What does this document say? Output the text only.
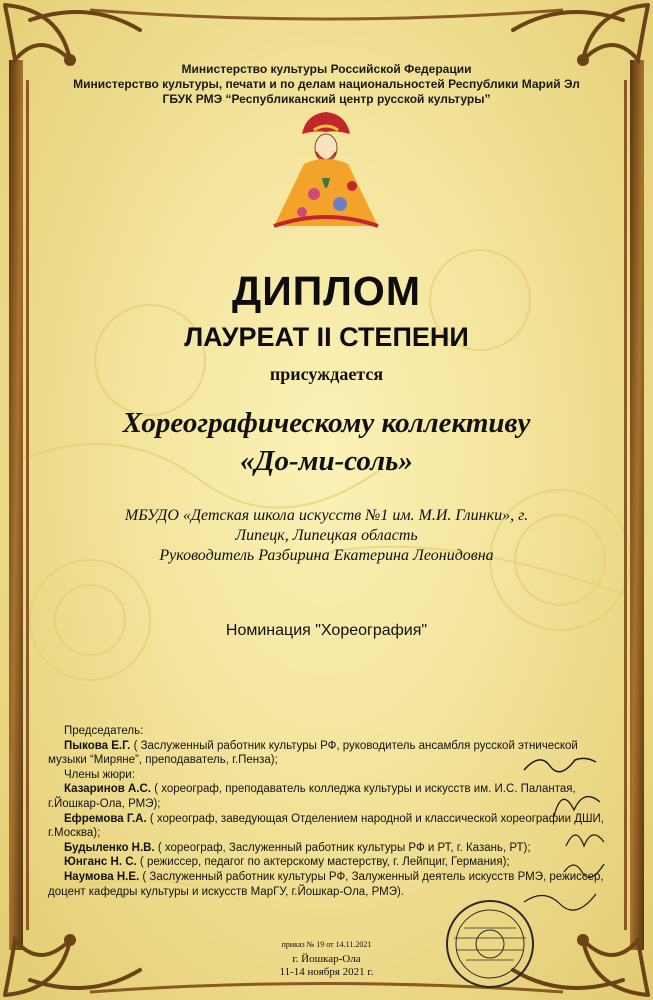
Министерство культуры Российской Федерации
Министерство культуры, печати и по делам национальностей Республики Марий Эл
ГБУК РМЭ “Республиканский центр русской культуры”
ДИПЛОМ
ЛАУРЕАТ II СТЕПЕНИ
присуждается
Хореографическому коллективу
«До-ми-соль»
МБУДО «Детская школа искусств №1 им. М.И. Глинки», г.
Липецк, Липецкая область
Руководитель Разбирина Екатерина Леонидовна
Номинация "Хореография"
Председатель:
Пыкова Е.Г. ( Заслуженный работник культуры РФ, руководитель ансамбля русской этнической музыки “Миряне”, преподаватель, г.Пенза);
Члены жюри:
Казаринов А.С. ( хореограф, преподаватель колледжа культуры и искусств им. И.С. Палантая, г.Йошкар-Ола, РМЭ);
Ефремова Г.А. ( хореограф, заведующая Отделением народной и классической хореографии ДШИ, г.Москва);
Будыленко Н.В. ( хореограф, Заслуженный работник культуры РФ и РТ, г. Казань, РТ);
Юнганс Н. С. ( режиссер, педагог по актерскому мастерству, г. Лейпциг, Германия);
Наумова Н.Е. ( Заслуженный работник культуры РФ, Залуженный деятель искусств РМЭ, режиссер, доцент кафедры культуры и искусств МарГУ, г.Йошкар-Ола, РМЭ).
приказ № 19 от 14.11.2021
г. Йошкар-Ола
11-14 ноября 2021 г.
